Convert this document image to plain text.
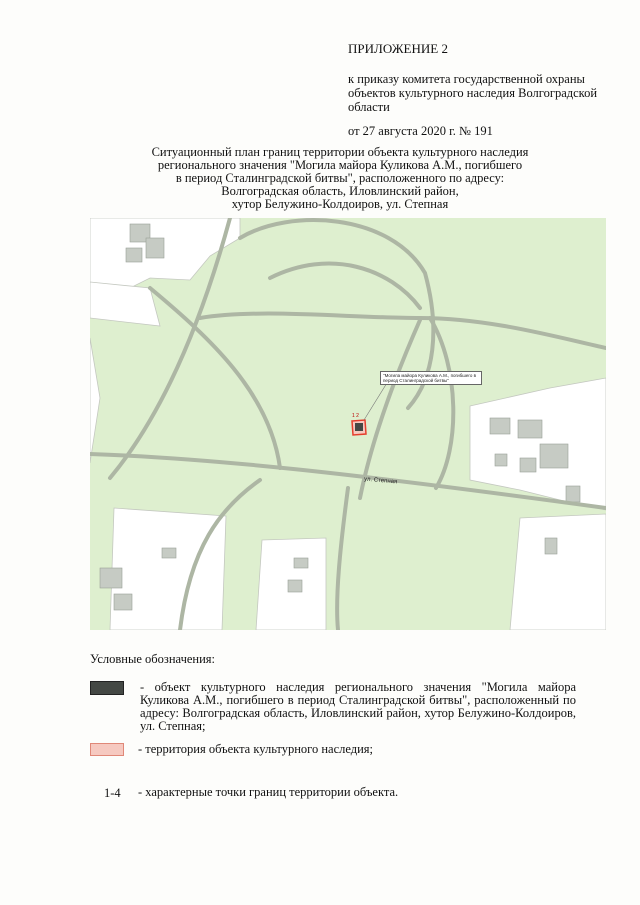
ПРИЛОЖЕНИЕ 2
к приказу комитета государственной охраны объектов культурного наследия Волгоградской области
от 27 августа 2020 г. № 191
Ситуационный план границ территории объекта культурного наследия
регионального значения "Могила майора Куликова А.М., погибшего
в период Сталинградской битвы", расположенного по адресу:
Волгоградская область, Иловлинский район,
хутор Белужино-Колдоиров, ул. Степная
"Могила майора Куликова А.М., погибшего в период Сталинградской битвы"
ул. Степная
1 2
Условные обозначения:
- объект культурного наследия регионального значения "Могила майора Куликова А.М., погибшего в период Сталинградской битвы", расположенный по адресу: Волгоградская область, Иловлинский район, хутор Белужино-Колдоиров, ул. Степная;
- территория объекта культурного наследия;
1-4 - характерные точки границ территории объекта.
